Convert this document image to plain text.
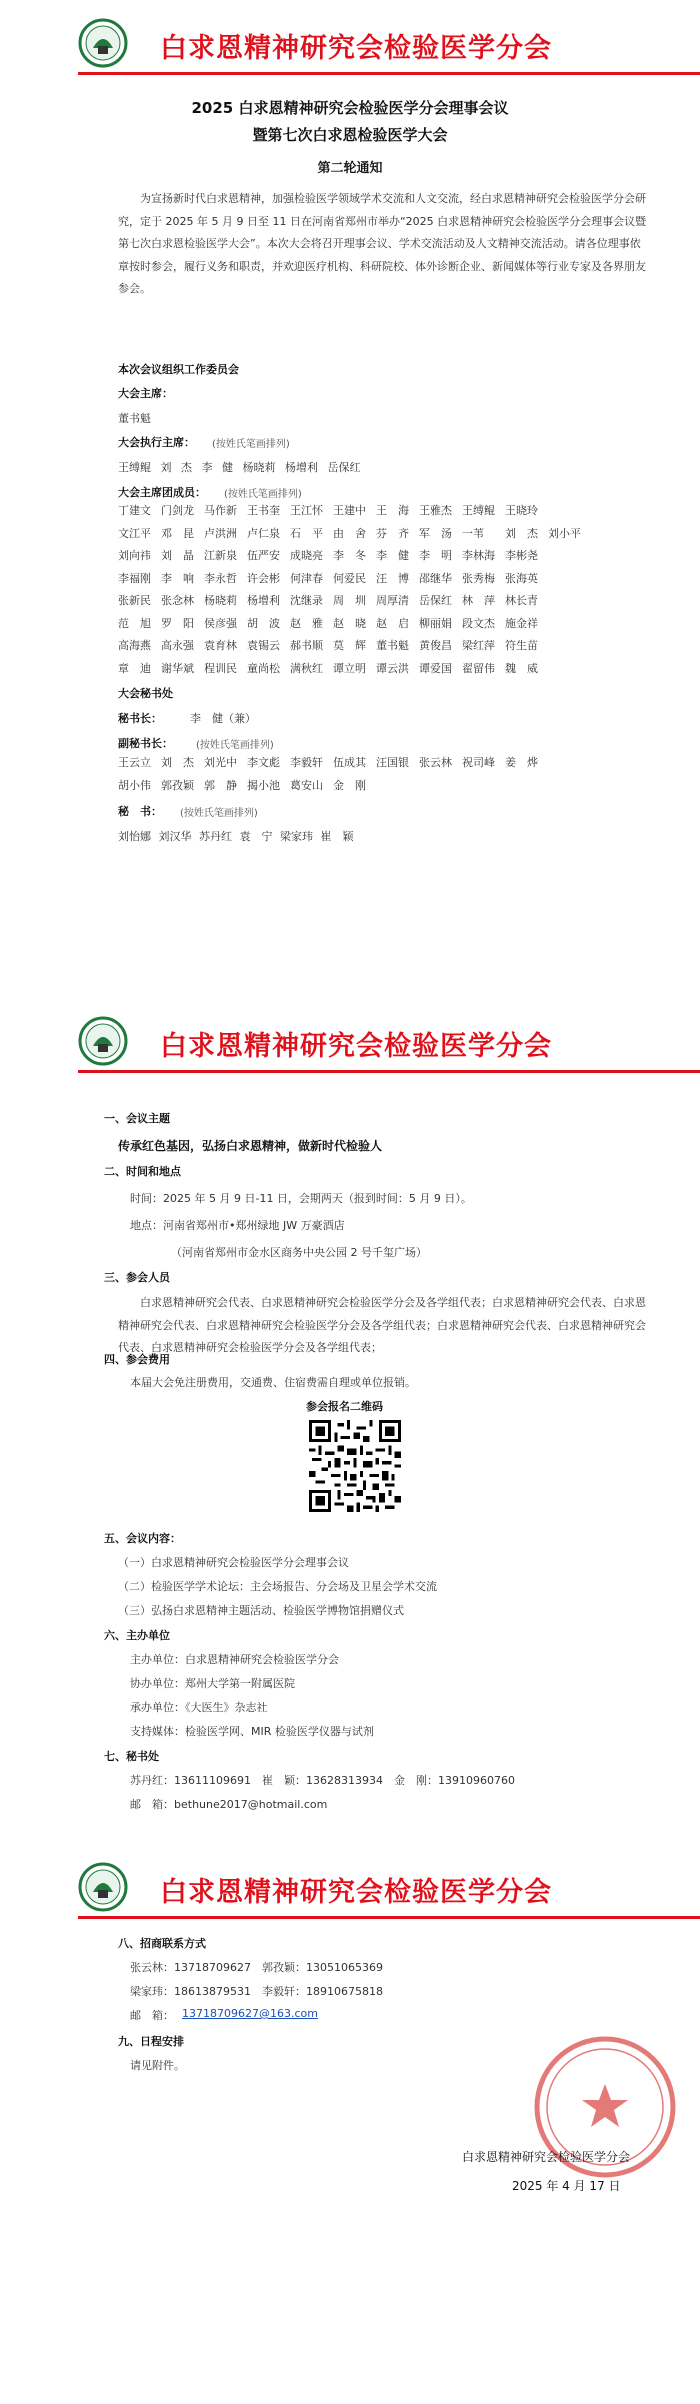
白求恩精神研究会检验医学分会
2025 白求恩精神研究会检验医学分会理事会议
暨第七次白求恩检验医学大会
第二轮通知
为宣扬新时代白求恩精神，加强检验医学领域学术交流和人文交流，经白求恩精神研究会检验医学分会研究，定于 2025 年 5 月 9 日至 11 日在河南省郑州市举办“2025 白求恩精神研究会检验医学分会理事会议暨第七次白求恩检验医学大会”。本次大会将召开理事会议、学术交流活动及人文精神交流活动。请各位理事依章按时参会，履行义务和职责，并欢迎医疗机构、科研院校、体外诊断企业、新闻媒体等行业专家及各界朋友参会。
本次会议组织工作委员会
大会主席：
董书魁
大会执行主席： (按姓氏笔画排列)
王缚鲲 刘 杰 李 健 杨晓莉 杨增利 岳保红
大会主席团成员： (按姓氏笔画排列)
丁建文 门剑龙 马作新 王书奎 王江怀 王建中 王　海 王雅杰 王缚鲲 王晓玲
文江平 邓　昆 卢洪洲 卢仁泉 石　平 由　舍 芬　齐 军　汤 一苇 刘　杰 刘小平
刘向祎 刘　晶 江新泉 伍严安 成晓亮 李　冬 李　健 李　明 李林海 李彬尧
李福刚 李　响 李永哲 许会彬 何津春 何爱民 汪　博 邵继华 张秀梅 张海英
张新民 张念林 杨晓莉 杨增利 沈继录 周　圳 周厚清 岳保红 林　萍 林长青
范　旭 罗　阳 侯彦强 胡　波 赵　雅 赵　晓 赵　启 柳丽娟 段文杰 施金祥
高海燕 高永强 袁育林 袁锡云 郝书顺 莫　辉 董书魁 黄俊昌 梁红萍 符生苗
章　迪 谢华斌 程训民 童尚松 满秋红 谭立明 谭云洪 谭爱国 翟留伟 魏　威
大会秘书处
秘书长：	李　健（兼）
副秘书长： (按姓氏笔画排列)
王云立 刘　杰 刘光中 李文彪 李毅轩 伍成其 汪国银 张云林 祝司峰 姜　烨
胡小伟 郭孜颖 郭　静 揭小池 葛安山 金　刚
秘　书： (按姓氏笔画排列)
刘怡娜 刘汉华 苏丹红 袁　宁 梁家玮 崔　颖
白求恩精神研究会检验医学分会
一、会议主题
传承红色基因，弘扬白求恩精神，做新时代检验人
二、时间和地点
时间：2025 年 5 月 9 日-11 日，会期两天（报到时间：5 月 9 日）。
地点：河南省郑州市•郑州绿地 JW 万豪酒店
（河南省郑州市金水区商务中央公园 2 号千玺广场）
三、参会人员
白求恩精神研究会代表、白求恩精神研究会检验医学分会及各学组代表；白求恩精神研究会代表、白求恩精神研究会代表、白求恩精神研究会检验医学分会及各学组代表；白求恩精神研究会代表、白求恩精神研究会代表、白求恩精神研究会检验医学分会及各学组代表；
四、参会费用
本届大会免注册费用，交通费、住宿费需自理或单位报销。
参会报名二维码
五、会议内容：
（一）白求恩精神研究会检验医学分会理事会议
（二）检验医学学术论坛：主会场报告、分会场及卫星会学术交流
（三）弘扬白求恩精神主题活动、检验医学博物馆捐赠仪式
六、主办单位
主办单位：白求恩精神研究会检验医学分会
协办单位：郑州大学第一附属医院
承办单位：《大医生》杂志社
支持媒体：检验医学网、MIR 检验医学仪器与试剂
七、秘书处
苏丹红：13611109691　崔　颖：13628313934　金　刚：13910960760
邮　箱：bethune2017@hotmail.com
白求恩精神研究会检验医学分会
八、招商联系方式
张云林：13718709627　郭孜颖：13051065369
梁家玮：18613879531　李毅轩：18910675818
邮　箱： 13718709627@163.com
九、日程安排
请见附件。
白求恩精神研究会检验医学分会
2025 年 4 月 17 日
